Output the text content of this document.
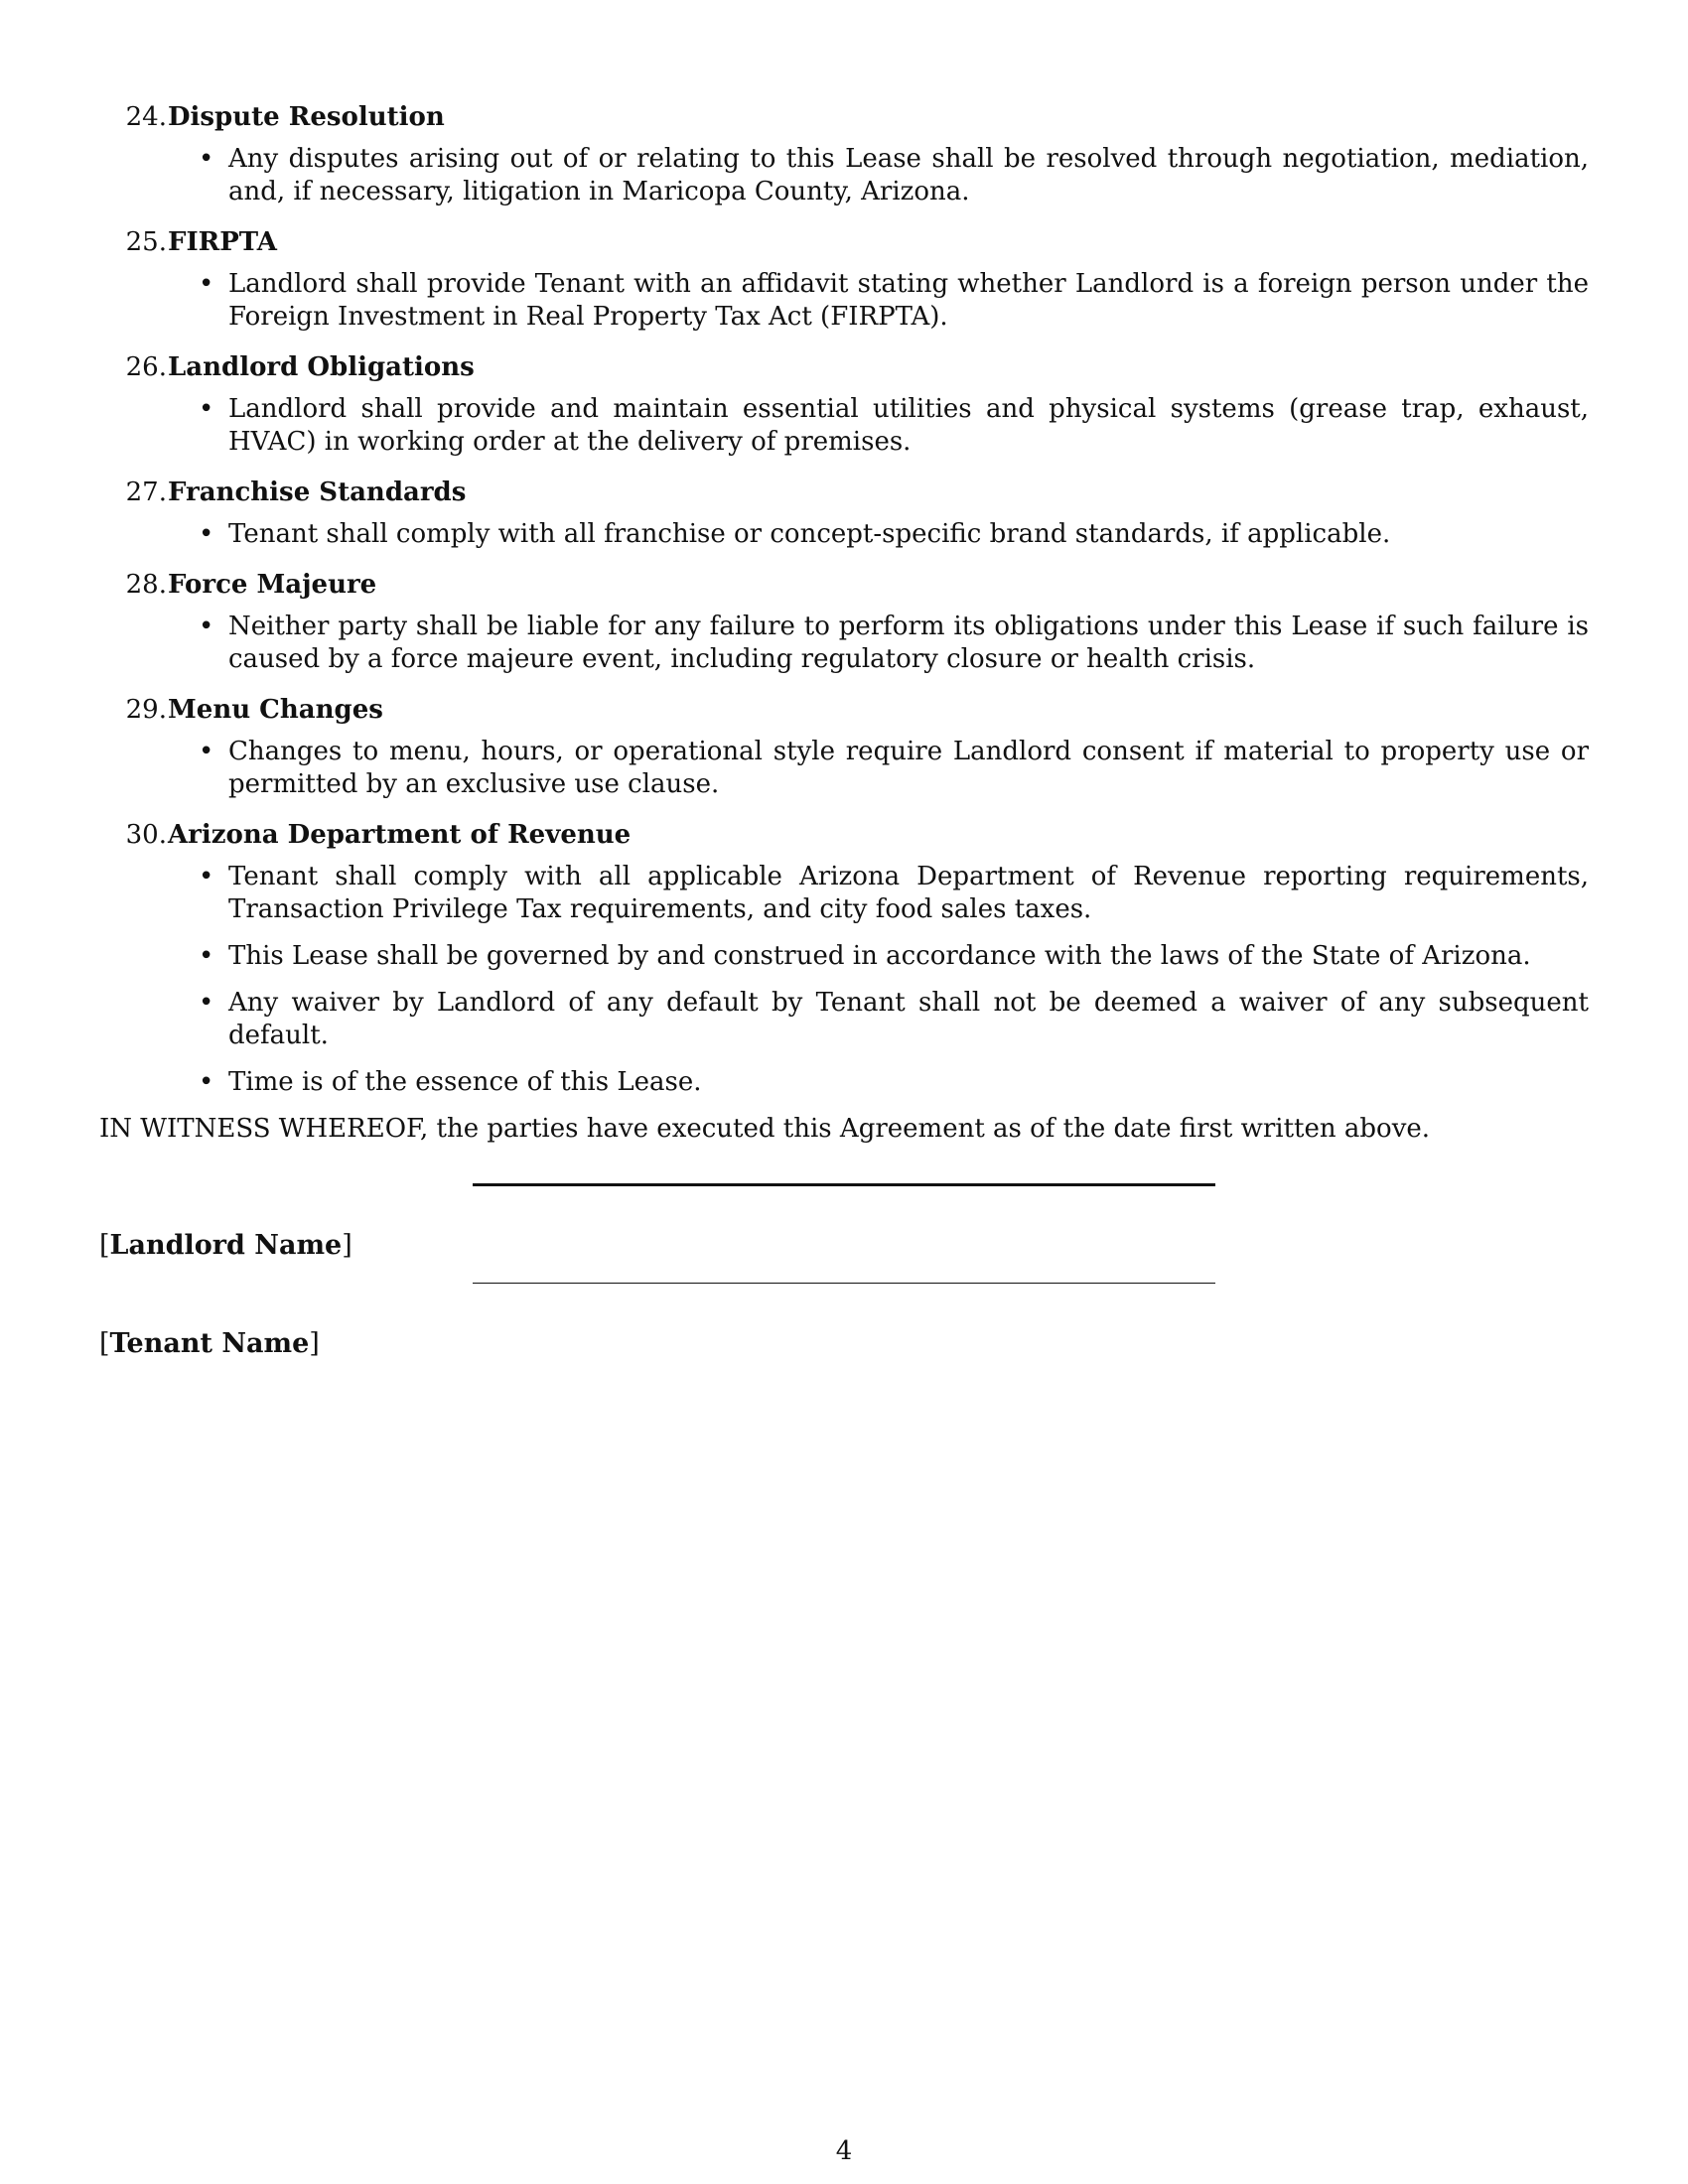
24. Dispute Resolution
• Any disputes arising out of or relating to this Lease shall be resolved through negotiation, mediation, and, if necessary, litigation in Maricopa County, Arizona.
25. FIRPTA
• Landlord shall provide Tenant with an affidavit stating whether Landlord is a foreign person under the Foreign Investment in Real Property Tax Act (FIRPTA).
26. Landlord Obligations
• Landlord shall provide and maintain essential utilities and physical systems (grease trap, exhaust, HVAC) in working order at the delivery of premises.
27. Franchise Standards
• Tenant shall comply with all franchise or concept-specific brand standards, if applicable.
28. Force Majeure
• Neither party shall be liable for any failure to perform its obligations under this Lease if such failure is caused by a force majeure event, including regulatory closure or health crisis.
29. Menu Changes
• Changes to menu, hours, or operational style require Landlord consent if material to property use or permitted by an exclusive use clause.
30. Arizona Department of Revenue
• Tenant shall comply with all applicable Arizona Department of Revenue reporting requirements, Transaction Privilege Tax requirements, and city food sales taxes.
• This Lease shall be governed by and construed in accordance with the laws of the State of Arizona.
• Any waiver by Landlord of any default by Tenant shall not be deemed a waiver of any subsequent default.
• Time is of the essence of this Lease.

IN WITNESS WHEREOF, the parties have executed this Agreement as of the date first written above.

[Landlord Name]
[Tenant Name]
4
